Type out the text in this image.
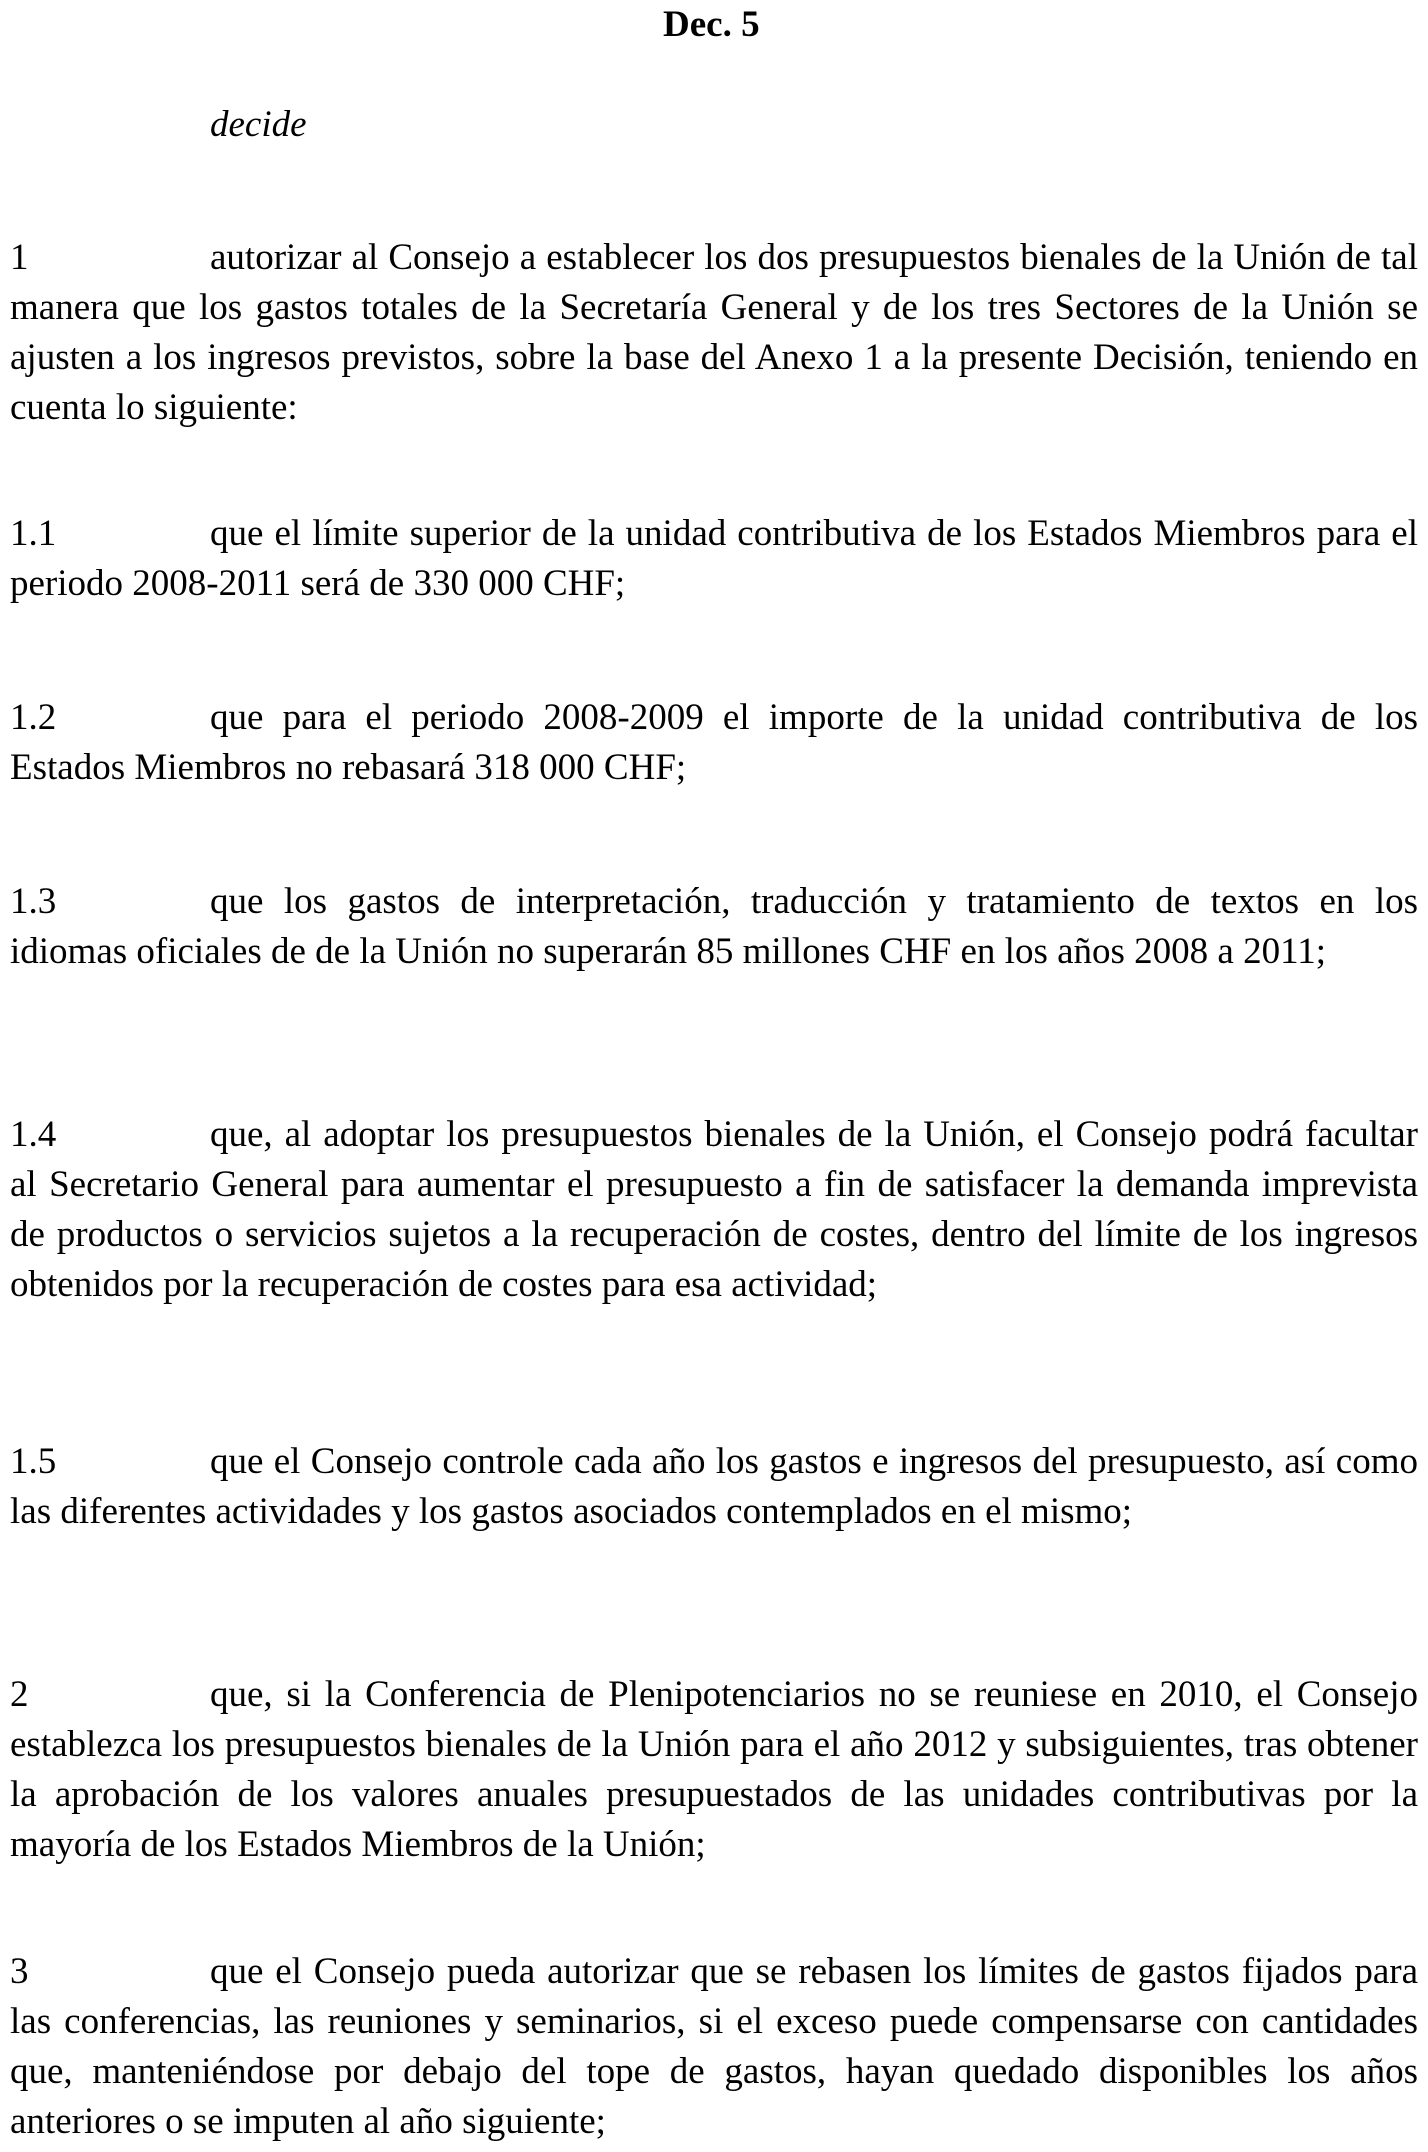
Dec. 5
decide

1	autorizar al Consejo a establecer los dos presupuestos bienales de la Unión de tal manera que los gastos totales de la Secretaría General y de los tres Sectores de la Unión se ajusten a los ingresos previstos, sobre la base del Anexo 1 a la presente Decisión, teniendo en cuenta lo siguiente:

1.1	que el límite superior de la unidad contributiva de los Estados Miembros para el periodo 2008-2011 será de 330 000 CHF;

1.2	que para el periodo 2008-2009 el importe de la unidad contributiva de los Estados Miembros no rebasará 318 000 CHF;

1.3	que los gastos de interpretación, traducción y tratamiento de textos en los idiomas oficiales de de la Unión no superarán 85 millones CHF en los años 2008 a 2011;

1.4	que, al adoptar los presupuestos bienales de la Unión, el Consejo podrá facultar al Secretario General para aumentar el presupuesto a fin de satisfacer la demanda imprevista de productos o servicios sujetos a la recuperación de costes, dentro del límite de los ingresos obtenidos por la recuperación de costes para esa actividad;

1.5	que el Consejo controle cada año los gastos e ingresos del presupuesto, así como las diferentes actividades y los gastos asociados contemplados en el mismo;

2	que, si la Conferencia de Plenipotenciarios no se reuniese en 2010, el Consejo establezca los presupuestos bienales de la Unión para el año 2012 y subsiguientes, tras obtener la aprobación de los valores anuales presupuestados de las unidades contributivas por la mayoría de los Estados Miembros de la Unión;

3	que el Consejo pueda autorizar que se rebasen los límites de gastos fijados para las conferencias, las reuniones y seminarios, si el exceso puede compensarse con cantidades que, manteniéndose por debajo del tope de gastos, hayan quedado disponibles los años anteriores o se imputen al año siguiente;
